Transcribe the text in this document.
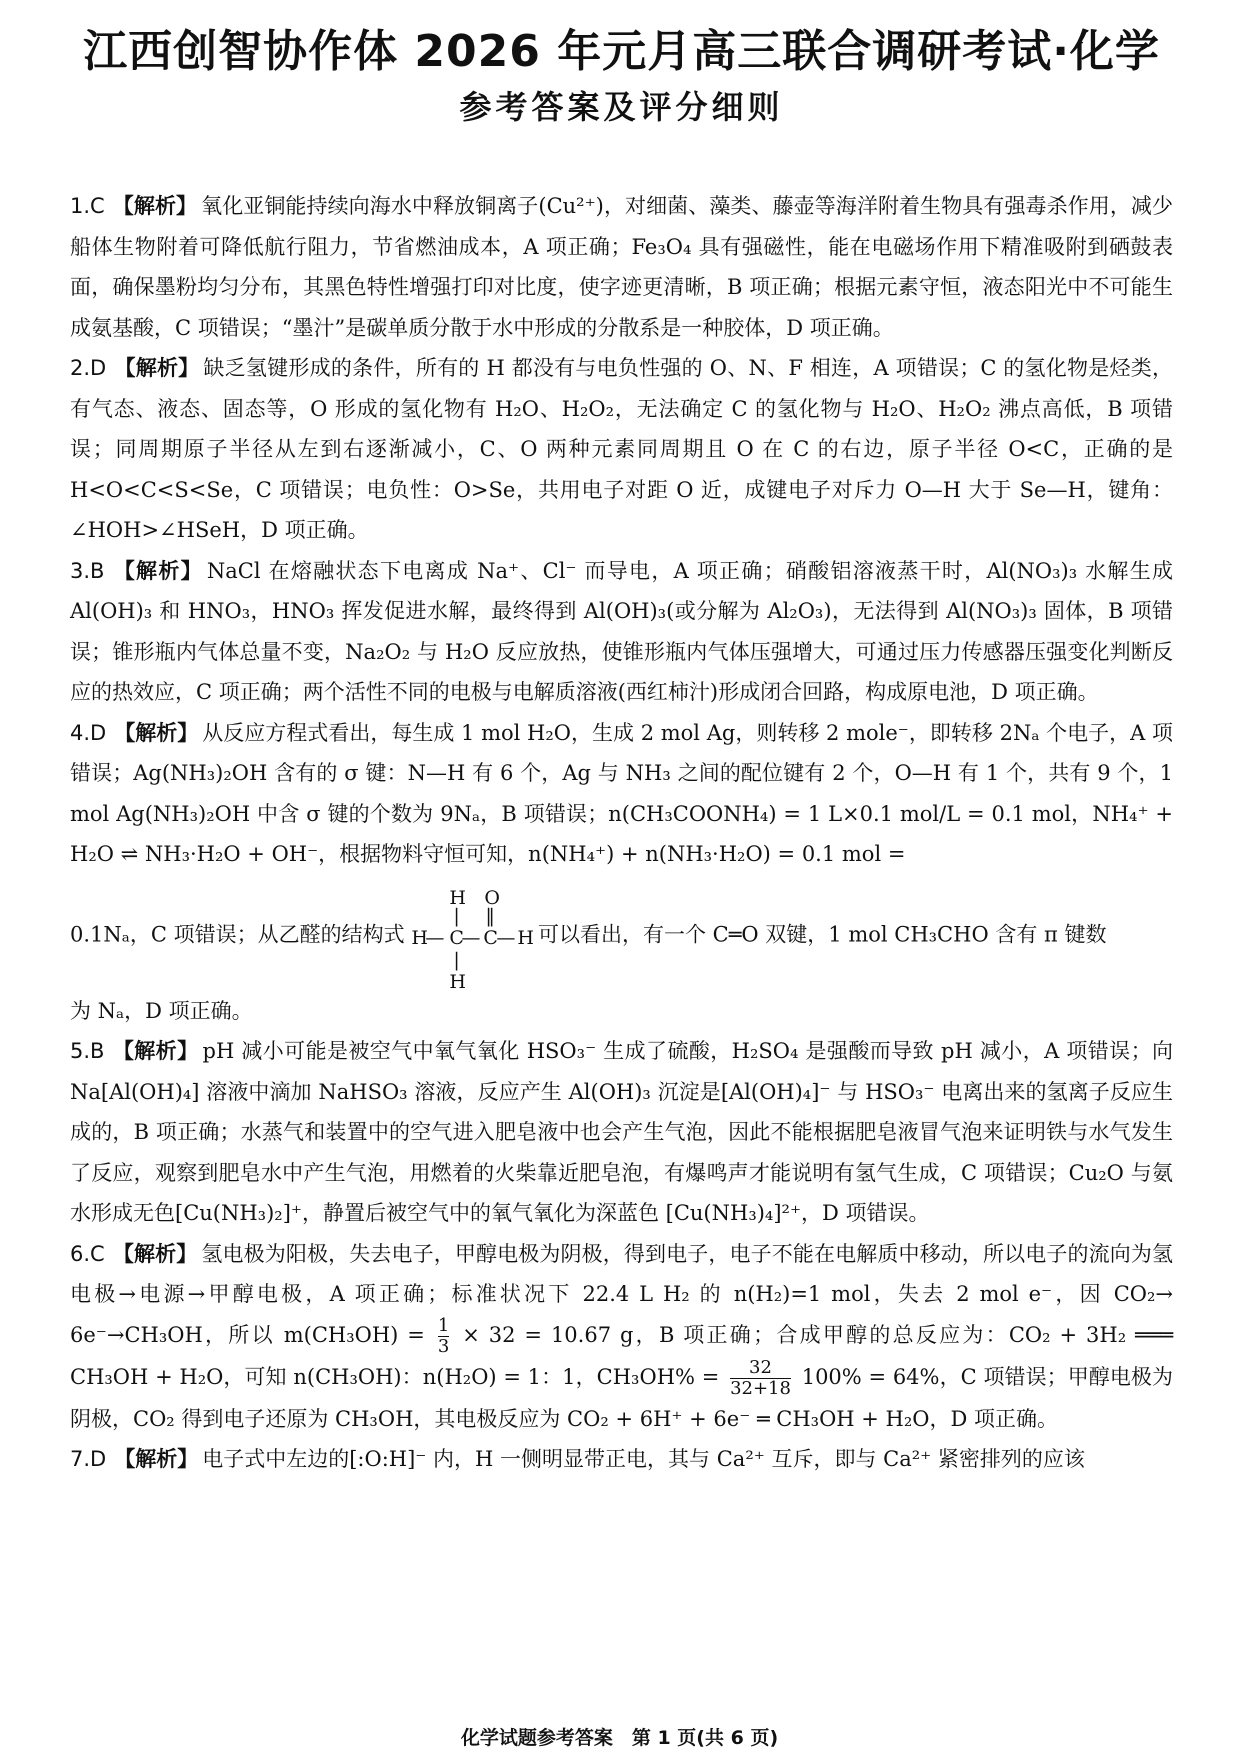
江西创智协作体 2026 年元月高三联合调研考试·化学
参考答案及评分细则
1.C 【解析】 氧化亚铜能持续向海水中释放铜离子(Cu²⁺)，对细菌、藻类、藤壶等海洋附着生物具有强毒杀作用，减少船体生物附着可降低航行阻力，节省燃油成本，A 项正确；Fe₃O₄ 具有强磁性，能在电磁场作用下精准吸附到硒鼓表面，确保墨粉均匀分布，其黑色特性增强打印对比度，使字迹更清晰，B 项正确；根据元素守恒，液态阳光中不可能生成氨基酸，C 项错误；“墨汁”是碳单质分散于水中形成的分散系是一种胶体，D 项正确。
2.D 【解析】 缺乏氢键形成的条件，所有的 H 都没有与电负性强的 O、N、F 相连，A 项错误；C 的氢化物是烃类，有气态、液态、固态等，O 形成的氢化物有 H₂O、H₂O₂，无法确定 C 的氢化物与 H₂O、H₂O₂ 沸点高低，B 项错误；同周期原子半径从左到右逐渐减小，C、O 两种元素同周期且 O 在 C 的右边，原子半径 O<C，正确的是 H<O<C<S<Se，C 项错误；电负性：O>Se，共用电子对距 O 近，成键电子对斥力 O—H 大于 Se—H，键角：∠HOH>∠HSeH，D 项正确。
3.B 【解析】 NaCl 在熔融状态下电离成 Na⁺、Cl⁻ 而导电，A 项正确；硝酸铝溶液蒸干时，Al(NO₃)₃ 水解生成 Al(OH)₃ 和 HNO₃，HNO₃ 挥发促进水解，最终得到 Al(OH)₃(或分解为 Al₂O₃)，无法得到 Al(NO₃)₃ 固体，B 项错误；锥形瓶内气体总量不变，Na₂O₂ 与 H₂O 反应放热，使锥形瓶内气体压强增大，可通过压力传感器压强变化判断反应的热效应，C 项正确；两个活性不同的电极与电解质溶液(西红柿汁)形成闭合回路，构成原电池，D 项正确。
4.D 【解析】 从反应方程式看出，每生成 1 mol H₂O，生成 2 mol Ag，则转移 2 mole⁻，即转移 2Nₐ 个电子，A 项错误；Ag(NH₃)₂OH 含有的 σ 键：N—H 有 6 个，Ag 与 NH₃ 之间的配位键有 2 个，O—H 有 1 个，共有 9 个，1 mol Ag(NH₃)₂OH 中含 σ 键的个数为 9Nₐ，B 项错误；n(CH₃COONH₄) = 1 L×0.1 mol/L = 0.1 mol，NH₄⁺ + H₂O ⇌ NH₃·H₂O + OH⁻，根据物料守恒可知，n(NH₄⁺) + n(NH₃·H₂O) = 0.1 mol =
0.1Nₐ，C 项错误；从乙醛的结构式
H O
| ‖
H
— C
— C
— H
|
H
可以看出，有一个 C═O 双键，1 mol CH₃CHO 含有 π 键数
为 Nₐ，D 项正确。
5.B 【解析】 pH 减小可能是被空气中氧气氧化 HSO₃⁻ 生成了硫酸，H₂SO₄ 是强酸而导致 pH 减小，A 项错误；向 Na[Al(OH)₄] 溶液中滴加 NaHSO₃ 溶液，反应产生 Al(OH)₃ 沉淀是[Al(OH)₄]⁻ 与 HSO₃⁻ 电离出来的氢离子反应生成的，B 项正确；水蒸气和装置中的空气进入肥皂液中也会产生气泡，因此不能根据肥皂液冒气泡来证明铁与水气发生了反应，观察到肥皂水中产生气泡，用燃着的火柴靠近肥皂泡，有爆鸣声才能说明有氢气生成，C 项错误；Cu₂O 与氨水形成无色[Cu(NH₃)₂]⁺，静置后被空气中的氧气氧化为深蓝色 [Cu(NH₃)₄]²⁺，D 项错误。
6.C 【解析】 氢电极为阳极，失去电子，甲醇电极为阴极，得到电子，电子不能在电解质中移动，所以电子的流向为氢电极→电源→甲醇电极，A 项正确；标准状况下 22.4 L H₂ 的 n(H₂)=1 mol，失去 2 mol e⁻，因 CO₂→ 6e⁻→CH₃OH，所以 $m(CH_3OH) = \frac{1}{3} \times 32 = 10.67$ g，B 项正确；合成甲醇的总反应为：CO₂ + 3H₂ ═══ CH₃OH + H₂O，可知 n(CH₃OH)：n(H₂O) = 1：1，$CH_3OH\% = \frac{32}{32+18} 100\% = 64\%$，C 项错误；甲醇电极为阴极，CO₂ 得到电子还原为 CH₃OH，其电极反应为 CO₂ + 6H⁺ + 6e⁻ ═ CH₃OH + H₂O，D 项正确。
7.D 【解析】 电子式中左边的[:O:H]⁻ 内，H 一侧明显带正电，其与 Ca²⁺ 互斥，即与 Ca²⁺ 紧密排列的应该
化学试题参考答案　第 1 页(共 6 页)
